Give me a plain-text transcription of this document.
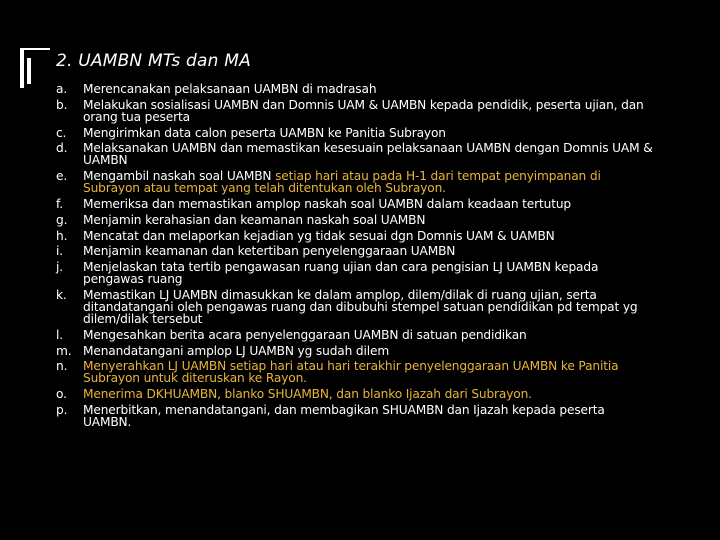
2. UAMBN MTs dan MA
a.	Merencanakan pelaksanaan UAMBN di madrasah
b.	Melakukan sosialisasi UAMBN dan Domnis UAM & UAMBN kepada pendidik, peserta ujian, dan orang tua peserta
c.	Mengirimkan data calon peserta UAMBN ke Panitia Subrayon
d.	Melaksanakan UAMBN dan memastikan kesesuain pelaksanaan UAMBN dengan Domnis UAM & UAMBN
e.	Mengambil naskah soal UAMBN setiap hari atau pada H-1 dari tempat penyimpanan di Subrayon atau tempat yang telah ditentukan oleh Subrayon.
f.	Memeriksa dan memastikan amplop naskah soal UAMBN dalam keadaan tertutup
g.	Menjamin kerahasian dan keamanan naskah soal UAMBN
h.	Mencatat dan melaporkan kejadian yg tidak sesuai dgn Domnis UAM & UAMBN
i.	Menjamin keamanan dan ketertiban penyelenggaraan UAMBN
j.	Menjelaskan tata tertib pengawasan ruang ujian dan cara pengisian LJ UAMBN kepada pengawas ruang
k.	Memastikan LJ UAMBN dimasukkan ke dalam amplop, dilem/dilak di ruang ujian, serta ditandatangani oleh pengawas ruang dan dibubuhi stempel satuan pendidikan pd tempat yg dilem/dilak tersebut
l.	Mengesahkan berita acara penyelenggaraan UAMBN di satuan pendidikan
m. Menandatangani amplop LJ UAMBN yg sudah dilem
n.	Menyerahkan LJ UAMBN setiap hari atau hari terakhir penyelenggaraan UAMBN ke Panitia Subrayon untuk diteruskan ke Rayon.
o.	Menerima DKHUAMBN, blanko SHUAMBN, dan blanko Ijazah dari Subrayon.
p.	Menerbitkan, menandatangani, dan membagikan SHUAMBN dan Ijazah kepada peserta UAMBN.
